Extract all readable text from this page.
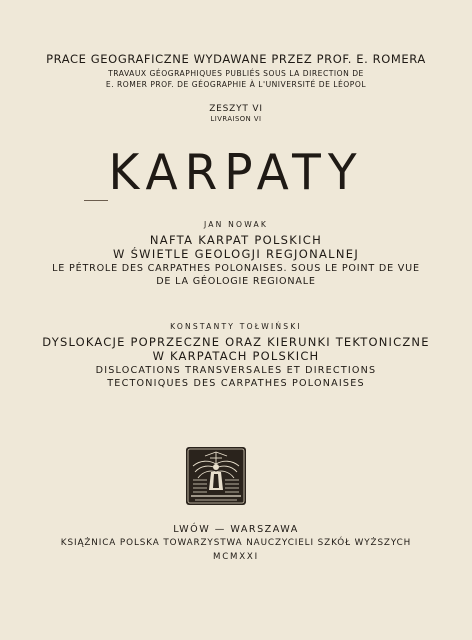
PRACE GEOGRAFICZNE WYDAWANE PRZEZ PROF. E. ROMERA
TRAVAUX GÉOGRAPHIQUES PUBLIÉS SOUS LA DIRECTION DE
E. ROMER PROF. DE GÉOGRAPHIE À L'UNIVERSITÉ DE LÉOPOL
ZESZYT VI
LIVRAISON VI
KARPATY
JAN NOWAK
NAFTA KARPAT POLSKICH
W ŚWIETLE GEOLOGJI REGJONALNEJ
LE PÉTROLE DES CARPATHES POLONAISES. SOUS LE POINT DE VUE
DE LA GÉOLOGIE REGIONALE
KONSTANTY TOŁWIŃSKI
DYSLOKACJE POPRZECZNE ORAZ KIERUNKI TEKTONICZNE
W KARPATACH POLSKICH
DISLOCATIONS TRANSVERSALES ET DIRECTIONS
TECTONIQUES DES CARPATHES POLONAISES
LWÓW — WARSZAWA
KSIĄŻNICA POLSKA TOWARZYSTWA NAUCZYCIELI SZKÓŁ WYŻSZYCH
MCMXXI
